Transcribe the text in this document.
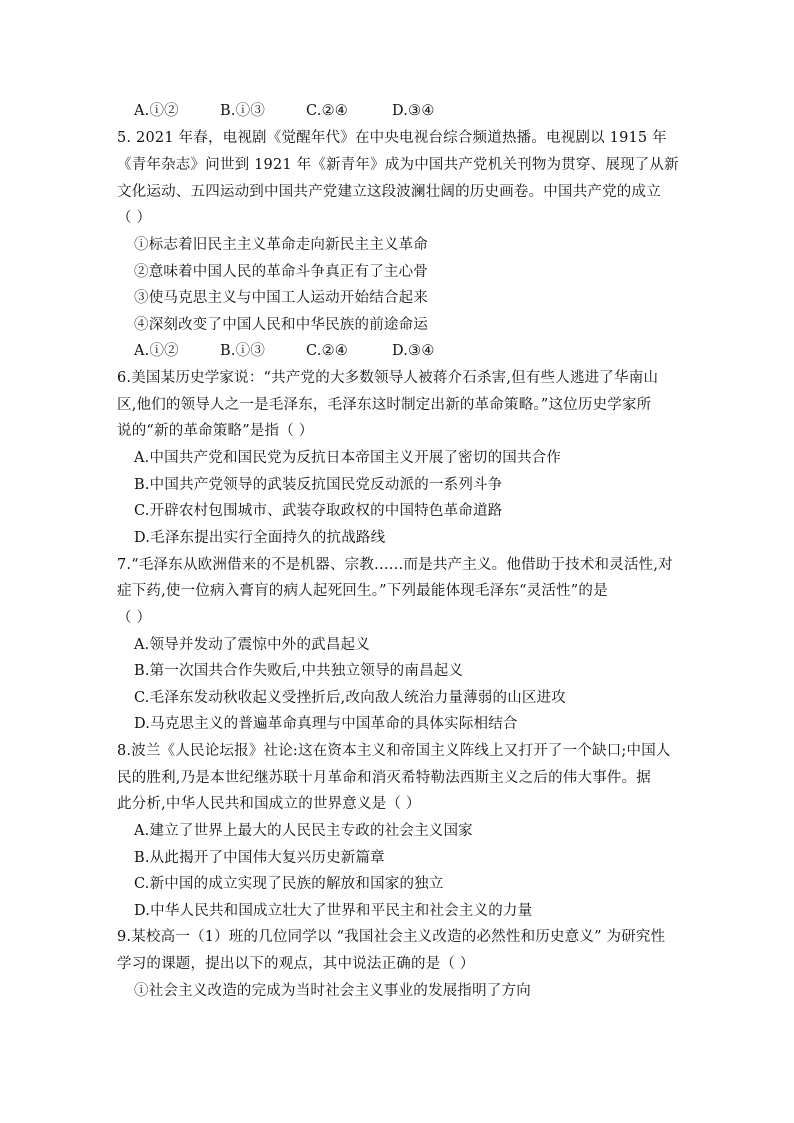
A.ⓘ②	B.ⓘ③	C.②④	D.③④
5. 2021 年春，电视剧《觉醒年代》在中央电视台综合频道热播。电视剧以 1915 年
《青年杂志》问世到 1921 年《新青年》成为中国共产党机关刊物为贯穿、展现了从新
文化运动、五四运动到中国共产党建立这段波澜壮阔的历史画卷。中国共产党的成立
（ ）
ⓘ标志着旧民主主义革命走向新民主主义革命
②意味着中国人民的革命斗争真正有了主心骨
③使马克思主义与中国工人运动开始结合起来
④深刻改变了中国人民和中华民族的前途命运
A.ⓘ②	B.ⓘ③	C.②④	D.③④
6.美国某历史学家说：“共产党的大多数领导人被蒋介石杀害,但有些人逃进了华南山
区,他们的领导人之一是毛泽东，毛泽东这时制定出新的革命策略。”这位历史学家所
说的“新的革命策略”是指（ ）
A.中国共产党和国民党为反抗日本帝国主义开展了密切的国共合作
B.中国共产党领导的武装反抗国民党反动派的一系列斗争
C.开辟农村包围城市、武装夺取政权的中国特色革命道路
D.毛泽东提出实行全面持久的抗战路线
7.“毛泽东从欧洲借来的不是机器、宗教……而是共产主义。他借助于技术和灵活性,对
症下药,使一位病入膏肓的病人起死回生。”下列最能体现毛泽东“灵活性”的是
（ ）
A.领导并发动了震惊中外的武昌起义
B.第一次国共合作失败后,中共独立领导的南昌起义
C.毛泽东发动秋收起义受挫折后,改向敌人统治力量薄弱的山区进攻
D.马克思主义的普遍革命真理与中国革命的具体实际相结合
8.波兰《人民论坛报》社论:这在资本主义和帝国主义阵线上又打开了一个缺口;中国人
民的胜利,乃是本世纪继苏联十月革命和消灭希特勒法西斯主义之后的伟大事件。据
此分析,中华人民共和国成立的世界意义是（ ）
A.建立了世界上最大的人民民主专政的社会主义国家
B.从此揭开了中国伟大复兴历史新篇章
C.新中国的成立实现了民族的解放和国家的独立
D.中华人民共和国成立壮大了世界和平民主和社会主义的力量
9.某校高一（1）班的几位同学以 “我国社会主义改造的必然性和历史意义” 为研究性
学习的课题，提出以下的观点，其中说法正确的是（ ）
ⓘ社会主义改造的完成为当时社会主义事业的发展指明了方向
